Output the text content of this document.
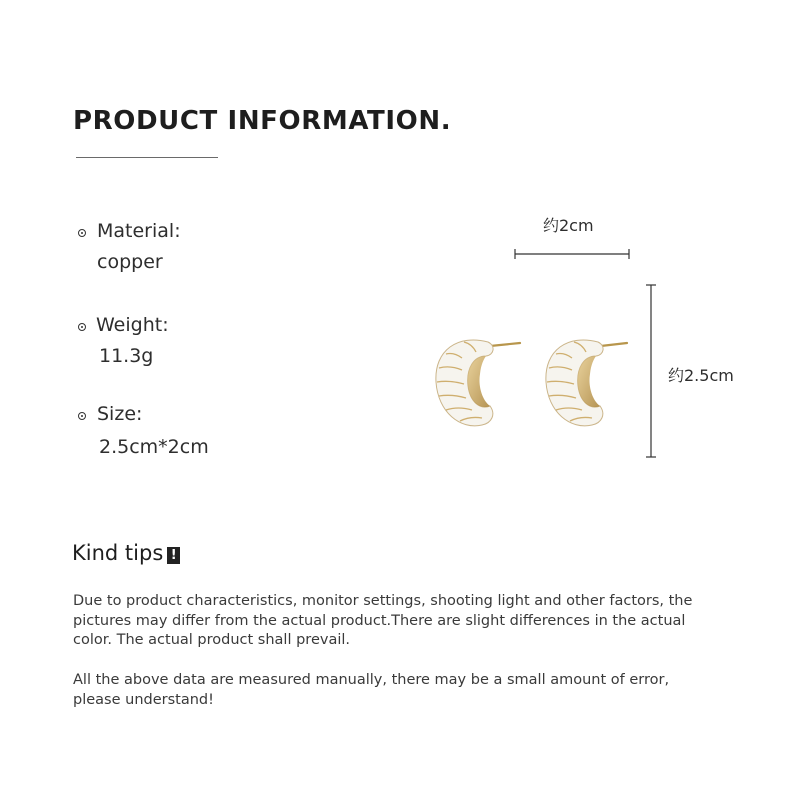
PRODUCT INFORMATION.
Material:
copper
Weight:
11.3g
Size:
2.5cm*2cm
约2cm
约2.5cm
Kind tips !
Due to product characteristics, monitor settings, shooting light and other factors, the pictures may differ from the actual product.There are slight differences in the actual color. The actual product shall prevail.
All the above data are measured manually, there may be a small amount of error, please understand!
